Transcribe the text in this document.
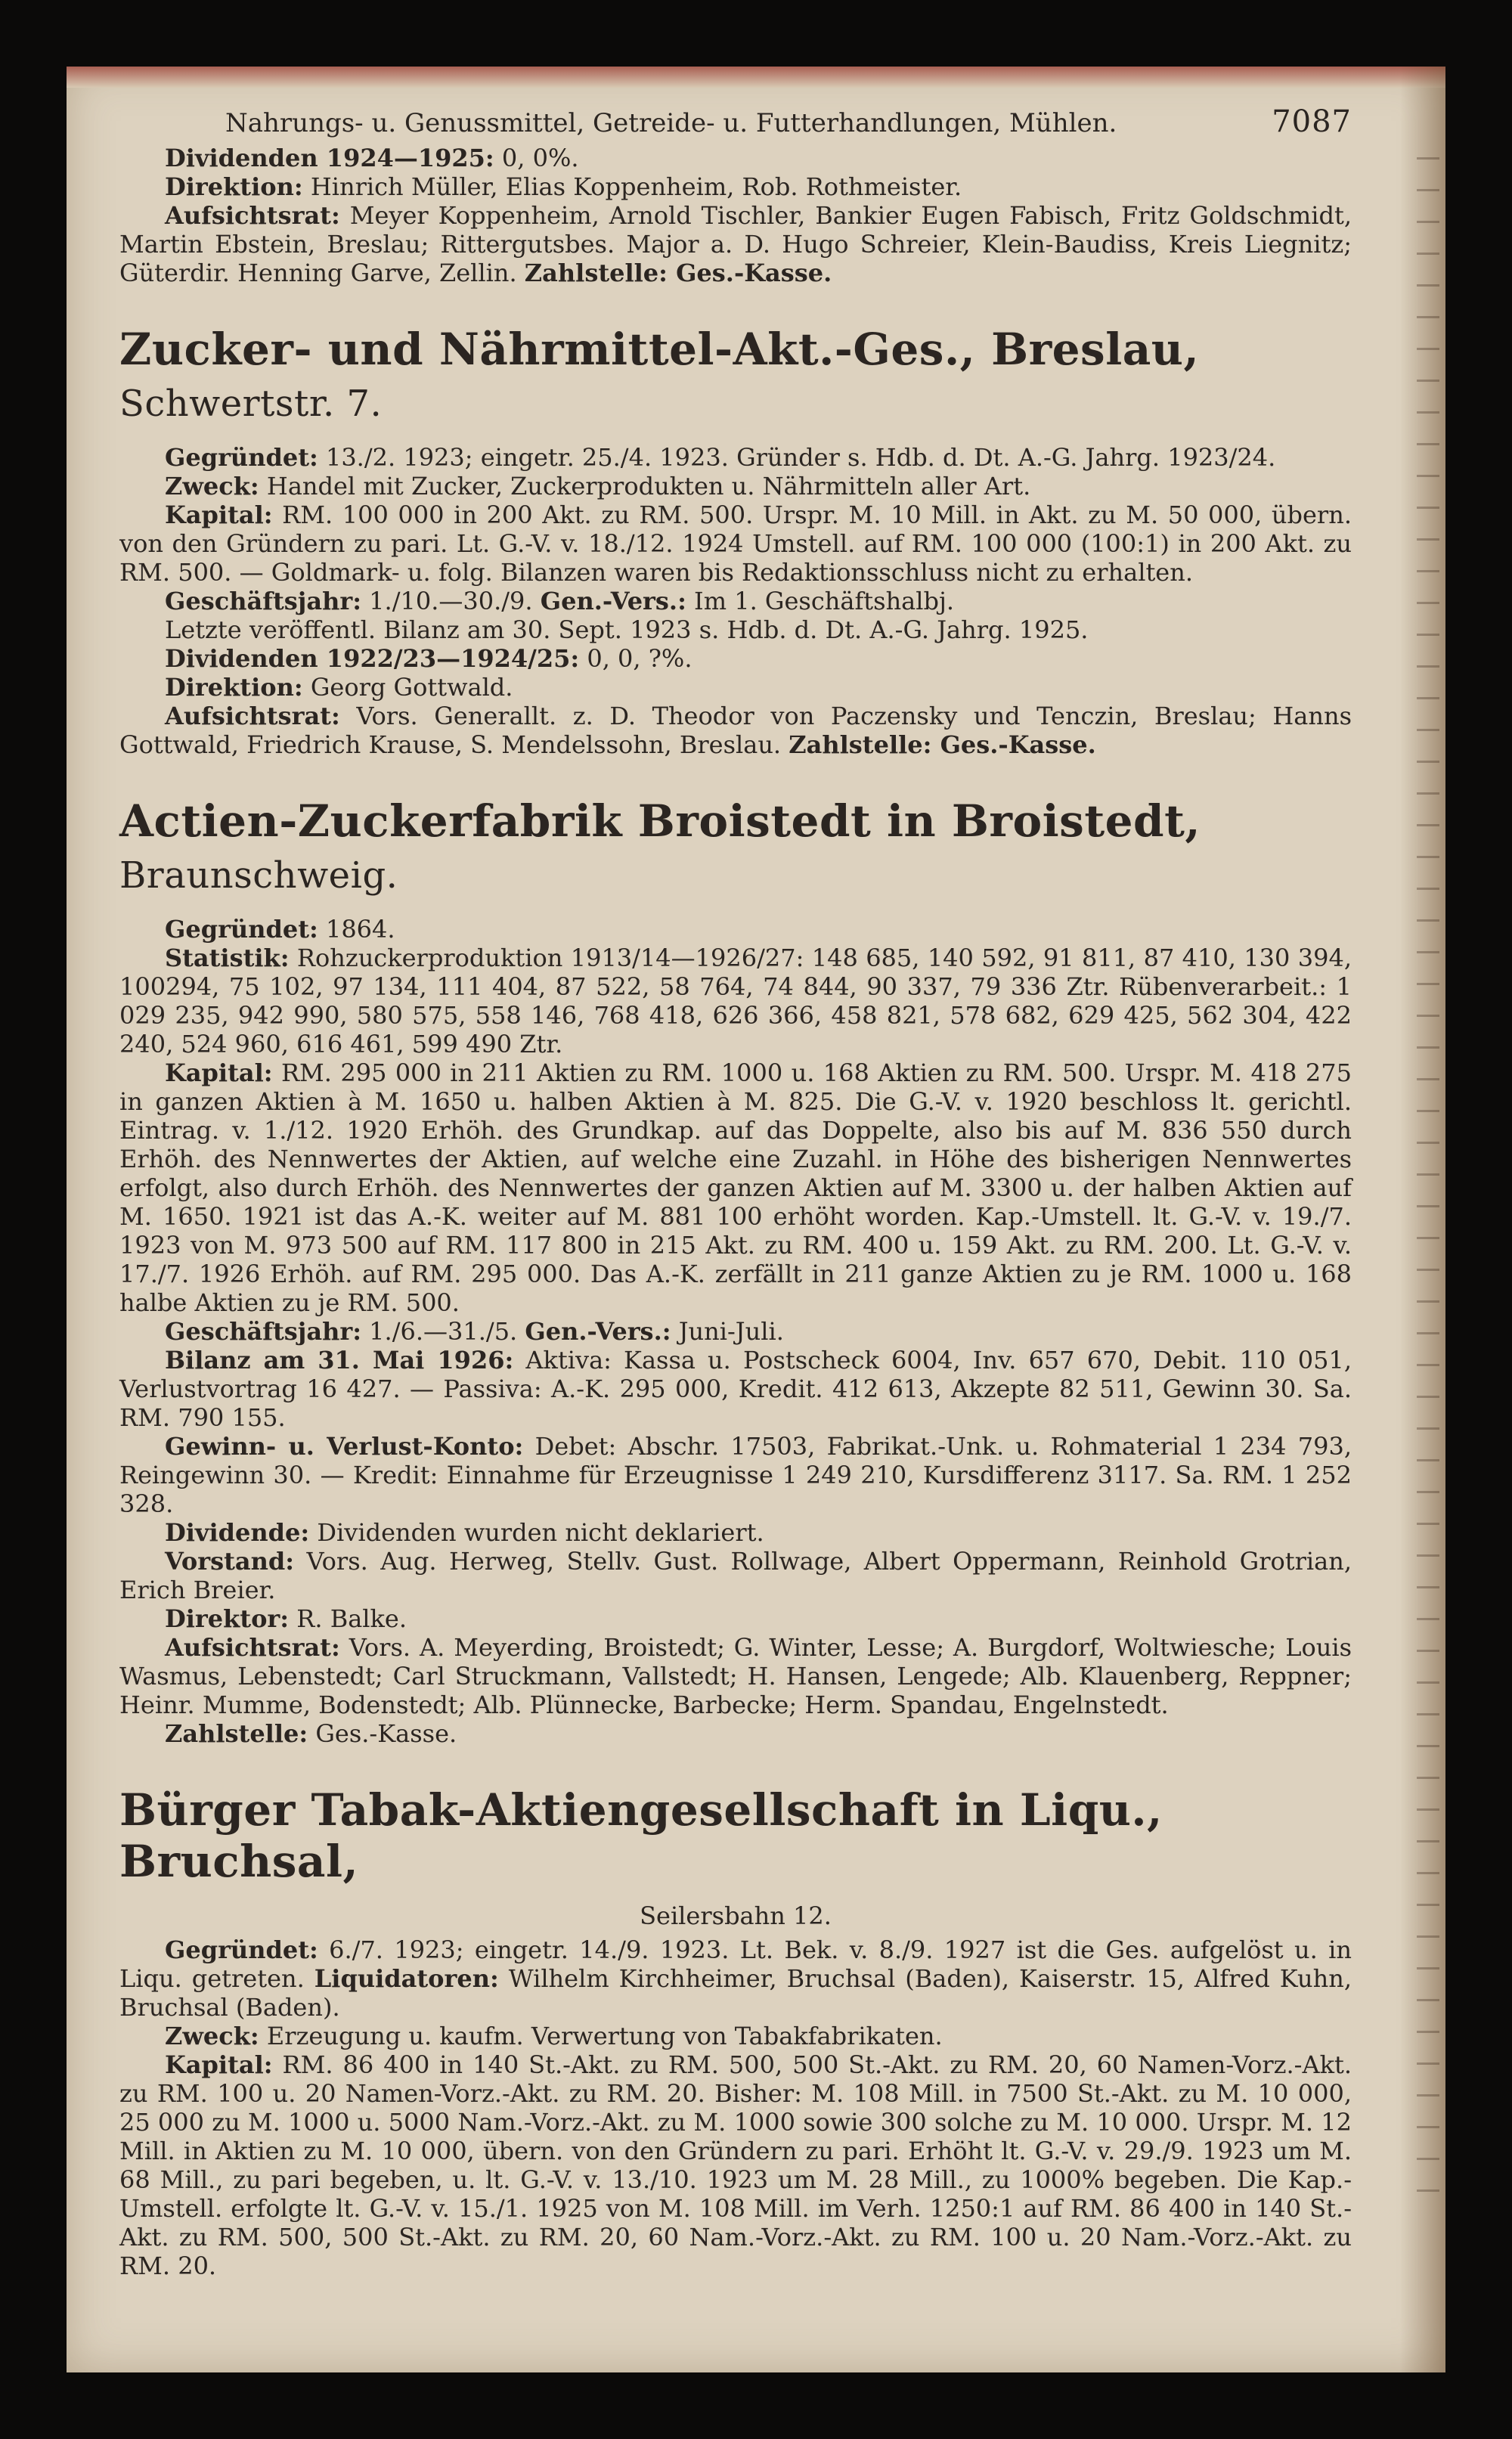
Nahrungs- u. Genussmittel, Getreide- u. Futterhandlungen, Mühlen.	7087

Dividenden 1924—1925: 0, 0%.

Direktion: Hinrich Müller, Elias Koppenheim, Rob. Rothmeister.

Aufsichtsrat: Meyer Koppenheim, Arnold Tischler, Bankier Eugen Fabisch, Fritz Goldschmidt, Martin Ebstein, Breslau; Rittergutsbes. Major a. D. Hugo Schreier, Klein-Baudiss, Kreis Liegnitz; Güterdir. Henning Garve, Zellin. Zahlstelle: Ges.-Kasse.

Zucker- und Nährmittel-Akt.-Ges., Breslau, Schwertstr. 7.

Gegründet: 13./2. 1923; eingetr. 25./4. 1923. Gründer s. Hdb. d. Dt. A.-G. Jahrg. 1923/24.

Zweck: Handel mit Zucker, Zuckerprodukten u. Nährmitteln aller Art.

Kapital: RM. 100 000 in 200 Akt. zu RM. 500. Urspr. M. 10 Mill. in Akt. zu M. 50 000, übern. von den Gründern zu pari. Lt. G.-V. v. 18./12. 1924 Umstell. auf RM. 100 000 (100:1) in 200 Akt. zu RM. 500. — Goldmark- u. folg. Bilanzen waren bis Redaktionsschluss nicht zu erhalten.

Geschäftsjahr: 1./10.—30./9. Gen.-Vers.: Im 1. Geschäftshalbj.

Letzte veröffentl. Bilanz am 30. Sept. 1923 s. Hdb. d. Dt. A.-G. Jahrg. 1925.

Dividenden 1922/23—1924/25: 0, 0, ?%.

Direktion: Georg Gottwald.

Aufsichtsrat: Vors. Generallt. z. D. Theodor von Paczensky und Tenczin, Breslau; Hanns Gottwald, Friedrich Krause, S. Mendelssohn, Breslau. Zahlstelle: Ges.-Kasse.

Actien-Zuckerfabrik Broistedt in Broistedt, Braunschweig.

Gegründet: 1864.

Statistik: Rohzuckerproduktion 1913/14—1926/27: 148 685, 140 592, 91 811, 87 410, 130 394, 100294, 75 102, 97 134, 111 404, 87 522, 58 764, 74 844, 90 337, 79 336 Ztr. Rübenverarbeit.: 1 029 235, 942 990, 580 575, 558 146, 768 418, 626 366, 458 821, 578 682, 629 425, 562 304, 422 240, 524 960, 616 461, 599 490 Ztr.

Kapital: RM. 295 000 in 211 Aktien zu RM. 1000 u. 168 Aktien zu RM. 500. Urspr. M. 418 275 in ganzen Aktien à M. 1650 u. halben Aktien à M. 825. Die G.-V. v. 1920 beschloss lt. gerichtl. Eintrag. v. 1./12. 1920 Erhöh. des Grundkap. auf das Doppelte, also bis auf M. 836 550 durch Erhöh. des Nennwertes der Aktien, auf welche eine Zuzahl. in Höhe des bisherigen Nennwertes erfolgt, also durch Erhöh. des Nennwertes der ganzen Aktien auf M. 3300 u. der halben Aktien auf M. 1650. 1921 ist das A.-K. weiter auf M. 881 100 erhöht worden. Kap.-Umstell. lt. G.-V. v. 19./7. 1923 von M. 973 500 auf RM. 117 800 in 215 Akt. zu RM. 400 u. 159 Akt. zu RM. 200. Lt. G.-V. v. 17./7. 1926 Erhöh. auf RM. 295 000. Das A.-K. zerfällt in 211 ganze Aktien zu je RM. 1000 u. 168 halbe Aktien zu je RM. 500.

Geschäftsjahr: 1./6.—31./5. Gen.-Vers.: Juni-Juli.

Bilanz am 31. Mai 1926: Aktiva: Kassa u. Postscheck 6004, Inv. 657 670, Debit. 110 051, Verlustvortrag 16 427. — Passiva: A.-K. 295 000, Kredit. 412 613, Akzepte 82 511, Gewinn 30. Sa. RM. 790 155.

Gewinn- u. Verlust-Konto: Debet: Abschr. 17503, Fabrikat.-Unk. u. Rohmaterial 1 234 793, Reingewinn 30. — Kredit: Einnahme für Erzeugnisse 1 249 210, Kursdifferenz 3117. Sa. RM. 1 252 328.

Dividende: Dividenden wurden nicht deklariert.

Vorstand: Vors. Aug. Herweg, Stellv. Gust. Rollwage, Albert Oppermann, Reinhold Grotrian, Erich Breier.

Direktor: R. Balke.

Aufsichtsrat: Vors. A. Meyerding, Broistedt; G. Winter, Lesse; A. Burgdorf, Woltwiesche; Louis Wasmus, Lebenstedt; Carl Struckmann, Vallstedt; H. Hansen, Lengede; Alb. Klauenberg, Reppner; Heinr. Mumme, Bodenstedt; Alb. Plünnecke, Barbecke; Herm. Spandau, Engelnstedt.

Zahlstelle: Ges.-Kasse.

Bürger Tabak-Aktiengesellschaft in Liqu., Bruchsal,
Seilersbahn 12.

Gegründet: 6./7. 1923; eingetr. 14./9. 1923. Lt. Bek. v. 8./9. 1927 ist die Ges. aufgelöst u. in Liqu. getreten. Liquidatoren: Wilhelm Kirchheimer, Bruchsal (Baden), Kaiserstr. 15, Alfred Kuhn, Bruchsal (Baden).

Zweck: Erzeugung u. kaufm. Verwertung von Tabakfabrikaten.

Kapital: RM. 86 400 in 140 St.-Akt. zu RM. 500, 500 St.-Akt. zu RM. 20, 60 Namen-Vorz.-Akt. zu RM. 100 u. 20 Namen-Vorz.-Akt. zu RM. 20. Bisher: M. 108 Mill. in 7500 St.-Akt. zu M. 10 000, 25 000 zu M. 1000 u. 5000 Nam.-Vorz.-Akt. zu M. 1000 sowie 300 solche zu M. 10 000. Urspr. M. 12 Mill. in Aktien zu M. 10 000, übern. von den Gründern zu pari. Erhöht lt. G.-V. v. 29./9. 1923 um M. 68 Mill., zu pari begeben, u. lt. G.-V. v. 13./10. 1923 um M. 28 Mill., zu 1000% begeben. Die Kap.-Umstell. erfolgte lt. G.-V. v. 15./1. 1925 von M. 108 Mill. im Verh. 1250:1 auf RM. 86 400 in 140 St.-Akt. zu RM. 500, 500 St.-Akt. zu RM. 20, 60 Nam.-Vorz.-Akt. zu RM. 100 u. 20 Nam.-Vorz.-Akt. zu RM. 20.
